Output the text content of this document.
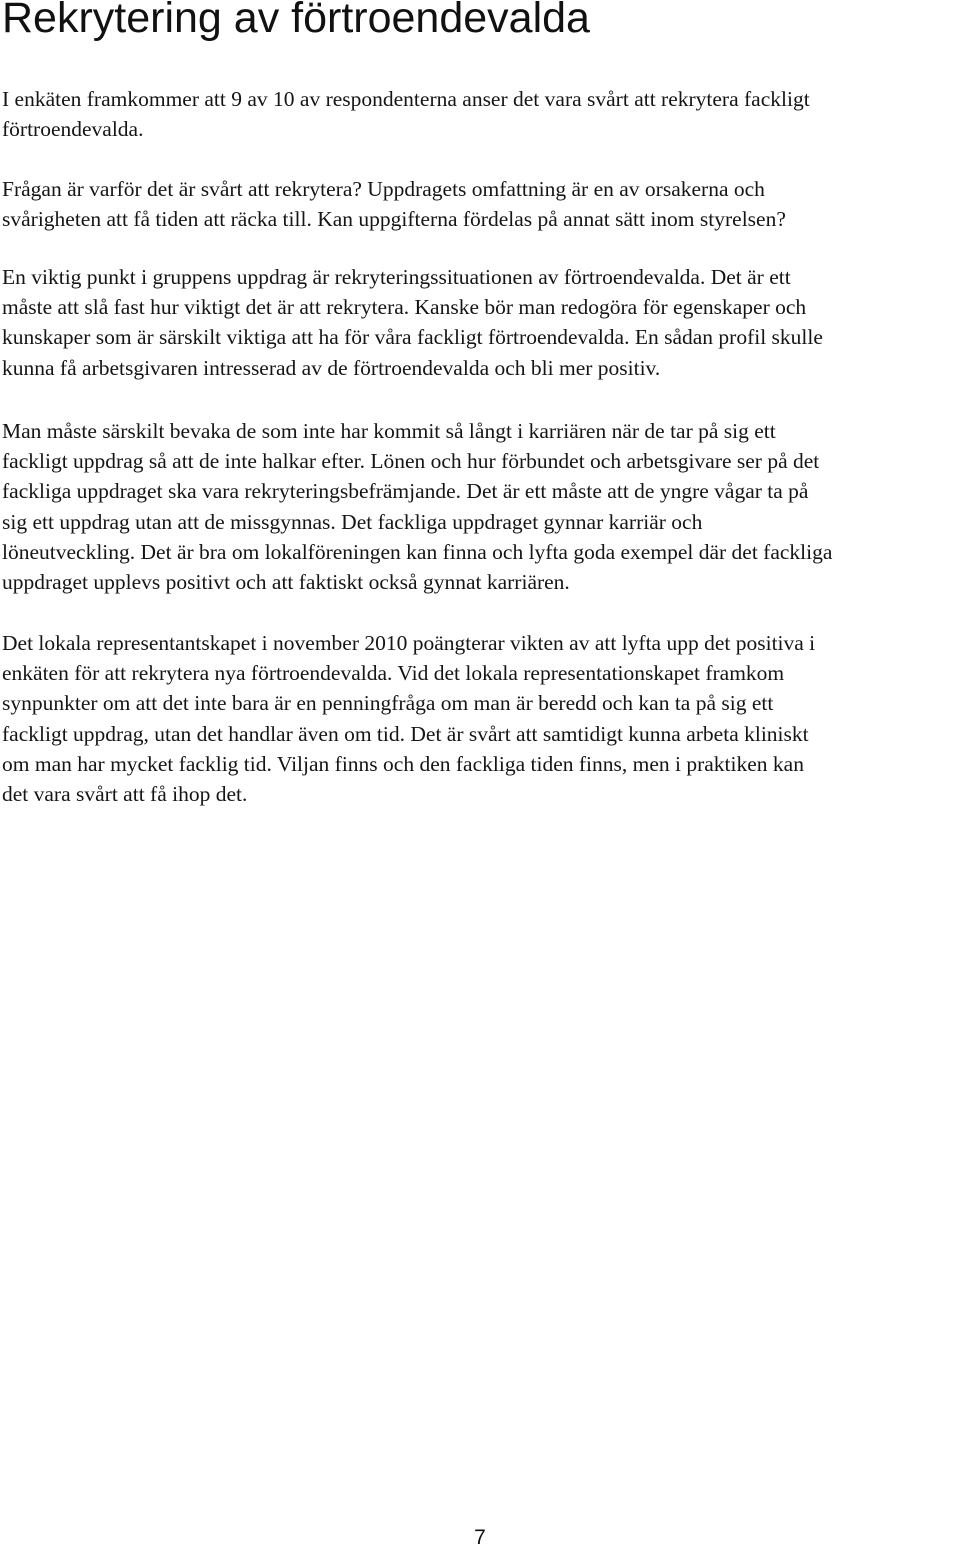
Rekrytering av förtroendevalda
I enkäten framkommer att 9 av 10 av respondenterna anser det vara svårt att rekrytera fackligt
förtroendevalda.
Frågan är varför det är svårt att rekrytera? Uppdragets omfattning är en av orsakerna och
svårigheten att få tiden att räcka till. Kan uppgifterna fördelas på annat sätt inom styrelsen?
En viktig punkt i gruppens uppdrag är rekryteringssituationen av förtroendevalda. Det är ett
måste att slå fast hur viktigt det är att rekrytera. Kanske bör man redogöra för egenskaper och
kunskaper som är särskilt viktiga att ha för våra fackligt förtroendevalda. En sådan profil skulle
kunna få arbetsgivaren intresserad av de förtroendevalda och bli mer positiv.
Man måste särskilt bevaka de som inte har kommit så långt i karriären när de tar på sig ett
fackligt uppdrag så att de inte halkar efter. Lönen och hur förbundet och arbetsgivare ser på det
fackliga uppdraget ska vara rekryteringsbefrämjande. Det är ett måste att de yngre vågar ta på
sig ett uppdrag utan att de missgynnas. Det fackliga uppdraget gynnar karriär och
löneutveckling. Det är bra om lokalföreningen kan finna och lyfta goda exempel där det fackliga
uppdraget upplevs positivt och att faktiskt också gynnat karriären.
Det lokala representantskapet i november 2010 poängterar vikten av att lyfta upp det positiva i
enkäten för att rekrytera nya förtroendevalda. Vid det lokala representationskapet framkom
synpunkter om att det inte bara är en penningfråga om man är beredd och kan ta på sig ett
fackligt uppdrag, utan det handlar även om tid. Det är svårt att samtidigt kunna arbeta kliniskt
om man har mycket facklig tid. Viljan finns och den fackliga tiden finns, men i praktiken kan
det vara svårt att få ihop det.
7
